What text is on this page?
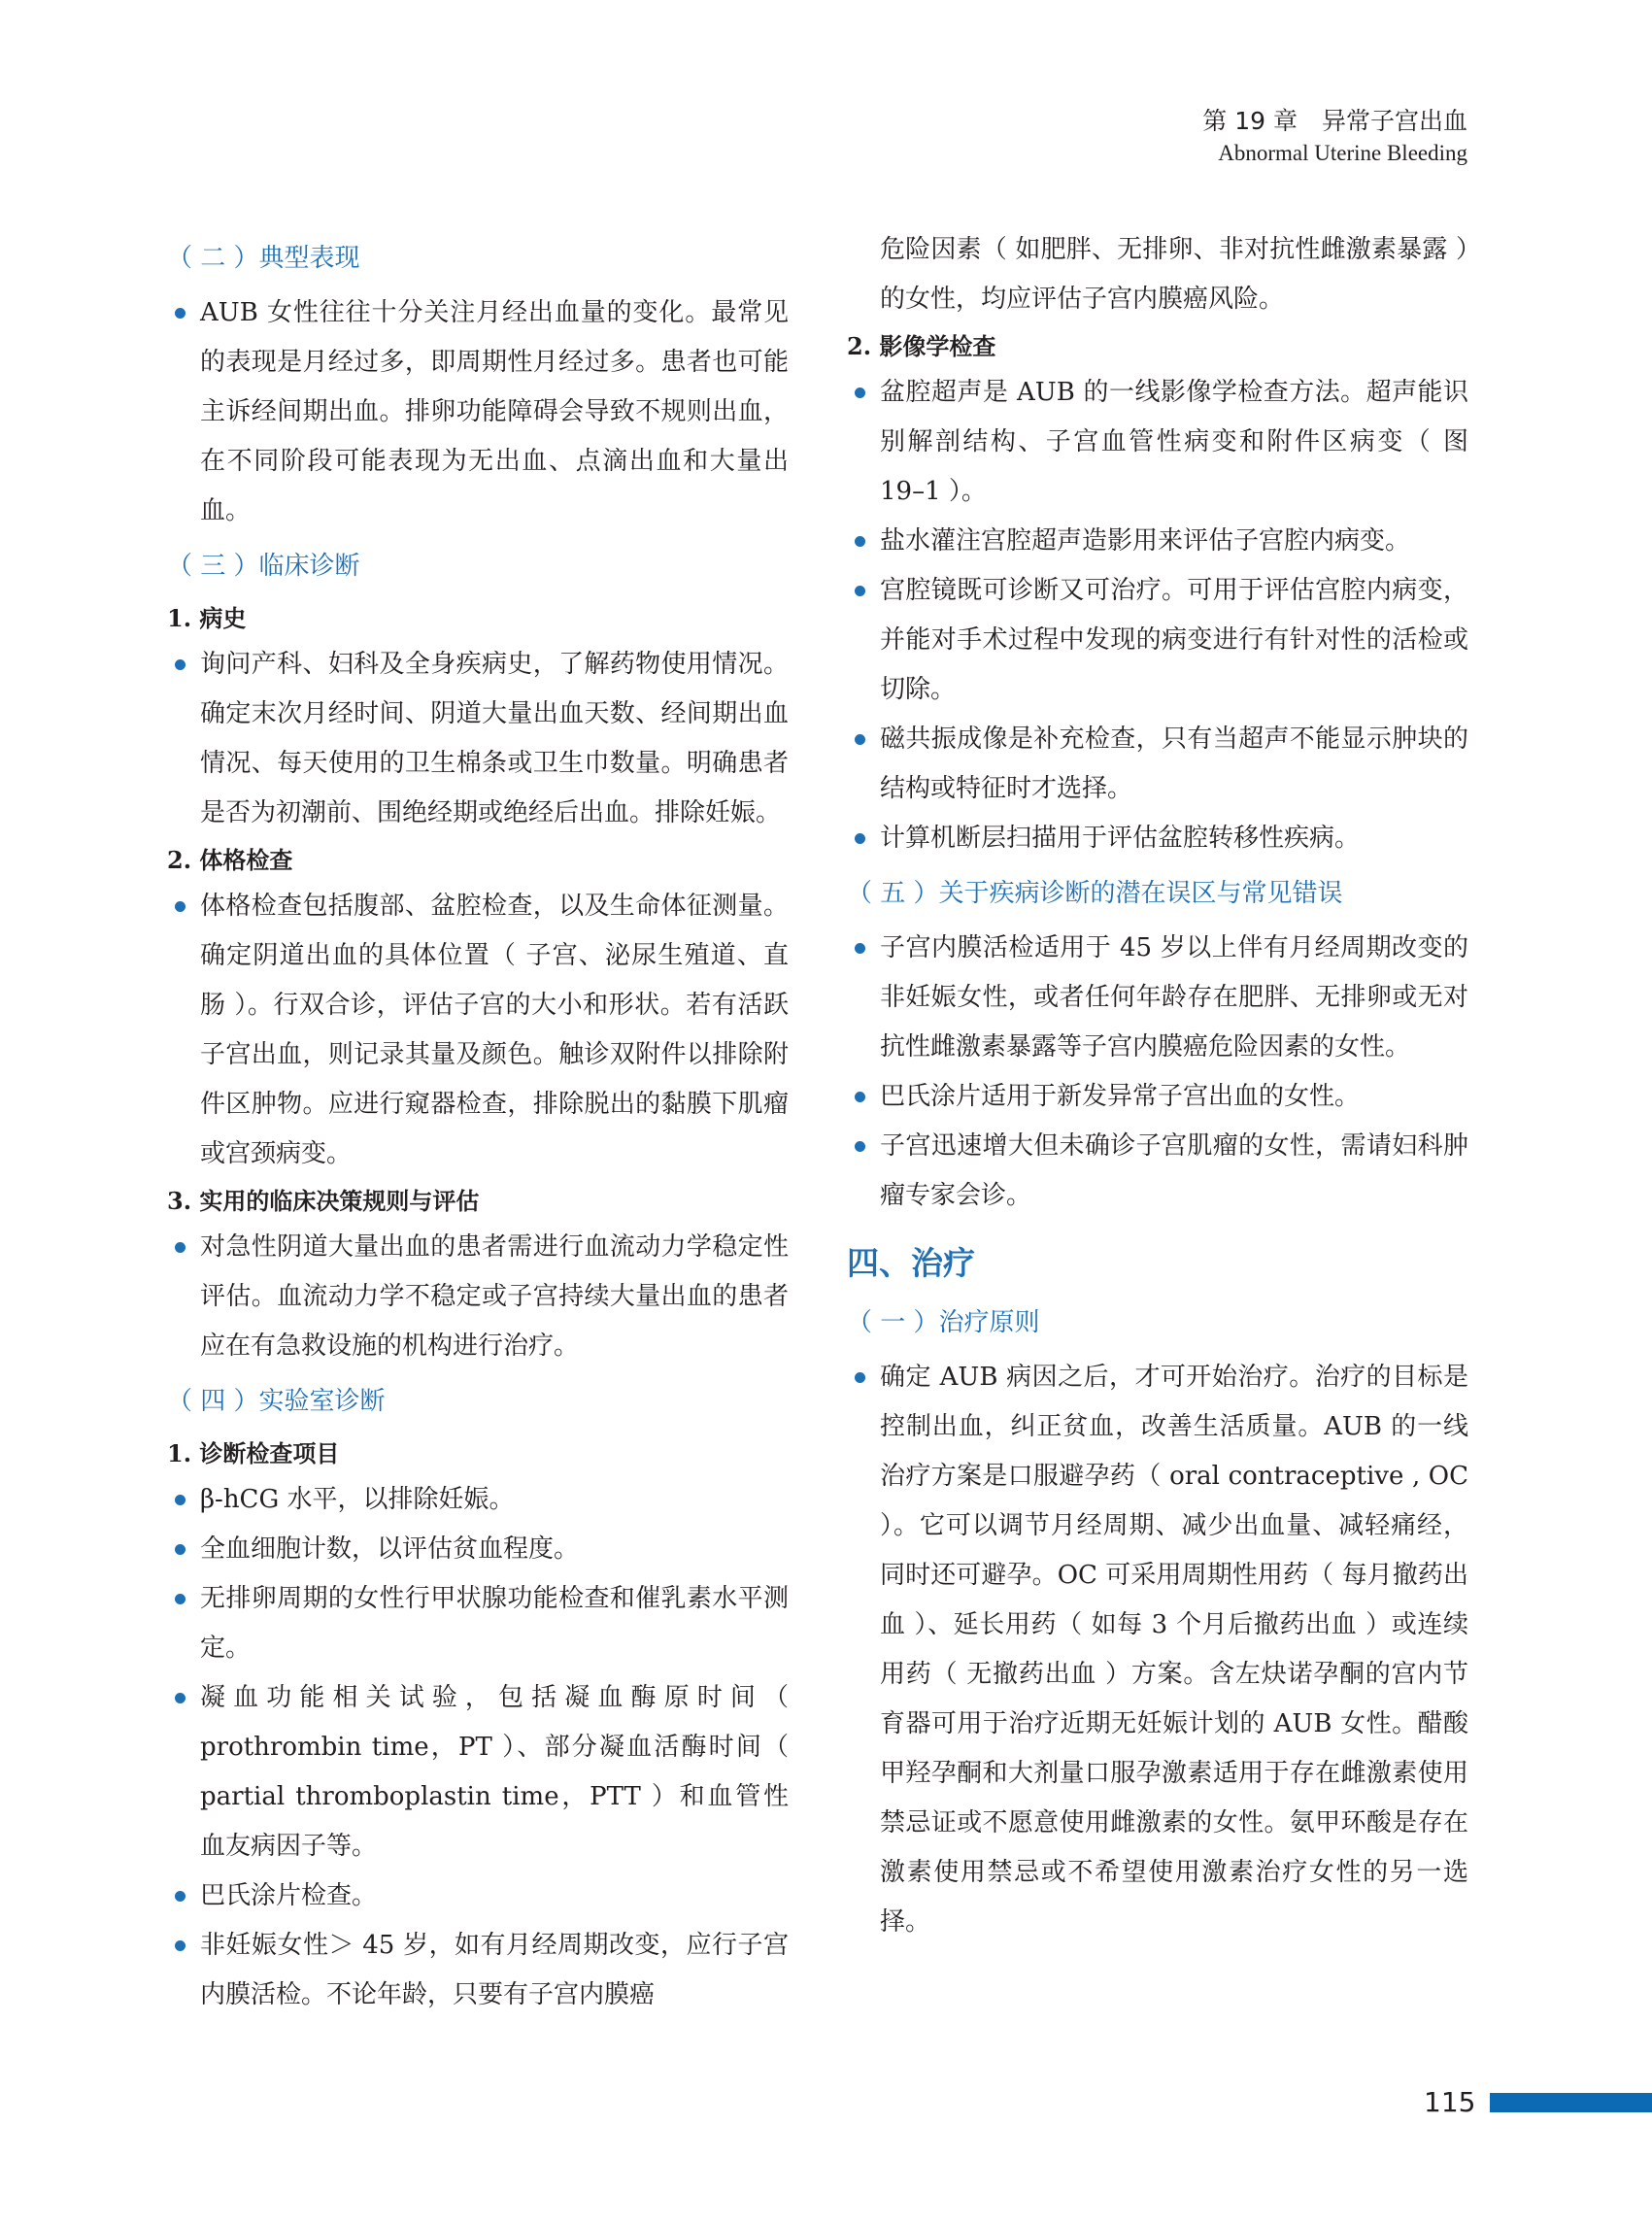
第 19 章　异常子宫出血
Abnormal Uterine Bleeding
（ 二 ）典型表现
AUB 女性往往十分关注月经出血量的变化。最常见的表现是月经过多，即周期性月经过多。患者也可能主诉经间期出血。排卵功能障碍会导致不规则出血，在不同阶段可能表现为无出血、点滴出血和大量出血。
（ 三 ）临床诊断
1. 病史
询问产科、妇科及全身疾病史，了解药物使用情况。确定末次月经时间、阴道大量出血天数、经间期出血情况、每天使用的卫生棉条或卫生巾数量。明确患者是否为初潮前、围绝经期或绝经后出血。排除妊娠。
2. 体格检查
体格检查包括腹部、盆腔检查，以及生命体征测量。确定阴道出血的具体位置（ 子宫、泌尿生殖道、直肠 ）。行双合诊，评估子宫的大小和形状。若有活跃子宫出血，则记录其量及颜色。触诊双附件以排除附件区肿物。应进行窥器检查，排除脱出的黏膜下肌瘤或宫颈病变。
3. 实用的临床决策规则与评估
对急性阴道大量出血的患者需进行血流动力学稳定性评估。血流动力学不稳定或子宫持续大量出血的患者应在有急救设施的机构进行治疗。
（ 四 ）实验室诊断
1. 诊断检查项目
β-hCG 水平，以排除妊娠。
全血细胞计数，以评估贫血程度。
无排卵周期的女性行甲状腺功能检查和催乳素水平测定。
凝血功能相关试验，包括凝血酶原时间（ prothrombin time，PT ）、部分凝血活酶时间（ partial thromboplastin time，PTT ）和血管性血友病因子等。
巴氏涂片检查。
非妊娠女性＞ 45 岁，如有月经周期改变，应行子宫内膜活检。不论年龄，只要有子宫内膜癌

危险因素（ 如肥胖、无排卵、非对抗性雌激素暴露 ）的女性，均应评估子宫内膜癌风险。

2. 影像学检查
盆腔超声是 AUB 的一线影像学检查方法。超声能识别解剖结构、子宫血管性病变和附件区病变（ 图 19–1 ）。
盐水灌注宫腔超声造影用来评估子宫腔内病变。
宫腔镜既可诊断又可治疗。可用于评估宫腔内病变，并能对手术过程中发现的病变进行有针对性的活检或切除。
磁共振成像是补充检查，只有当超声不能显示肿块的结构或特征时才选择。
计算机断层扫描用于评估盆腔转移性疾病。
（ 五 ）关于疾病诊断的潜在误区与常见错误
子宫内膜活检适用于 45 岁以上伴有月经周期改变的非妊娠女性，或者任何年龄存在肥胖、无排卵或无对抗性雌激素暴露等子宫内膜癌危险因素的女性。
巴氏涂片适用于新发异常子宫出血的女性。
子宫迅速增大但未确诊子宫肌瘤的女性，需请妇科肿瘤专家会诊。
四、治疗
（ 一 ）治疗原则
确定 AUB 病因之后，才可开始治疗。治疗的目标是控制出血，纠正贫血，改善生活质量。AUB 的一线治疗方案是口服避孕药（ oral contraceptive , OC ）。它可以调节月经周期、减少出血量、减轻痛经，同时还可避孕。OC 可采用周期性用药（ 每月撤药出血 ）、延长用药（ 如每 3 个月后撤药出血 ）或连续用药（ 无撤药出血 ）方案。含左炔诺孕酮的宫内节育器可用于治疗近期无妊娠计划的 AUB 女性。醋酸甲羟孕酮和大剂量口服孕激素适用于存在雌激素使用禁忌证或不愿意使用雌激素的女性。氨甲环酸是存在激素使用禁忌或不希望使用激素治疗女性的另一选择。
115
